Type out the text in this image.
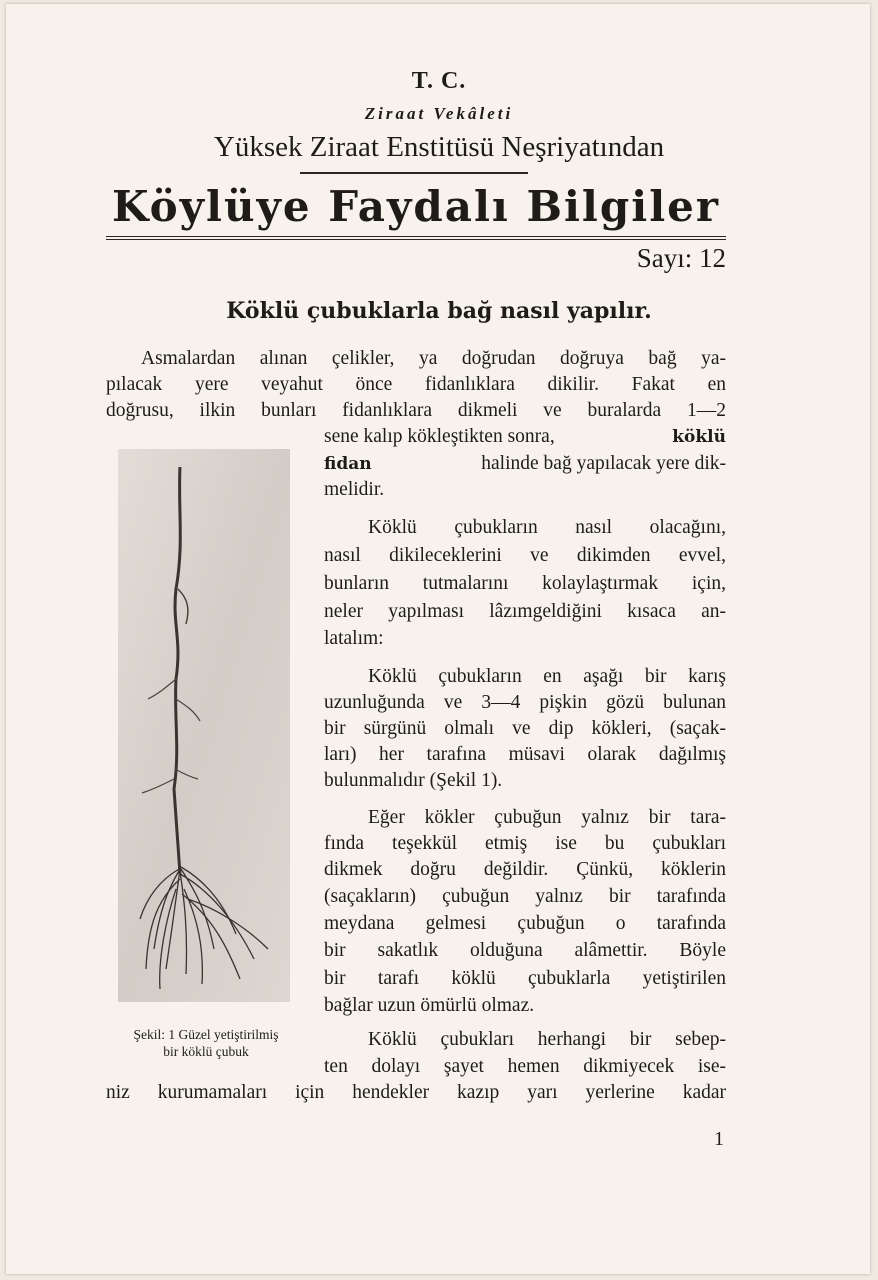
T. C.
Ziraat Vekâleti
Yüksek Ziraat Enstitüsü Neşriyatından
Köylüye Faydalı Bilgiler
Sayı: 12
Köklü çubuklarla bağ nasıl yapılır.
Asmalardan alınan çelikler, ya doğrudan doğruya bağ ya-
pılacak yere veyahut önce fidanlıklara dikilir. Fakat en
doğrusu, ilkin bunları fidanlıklara dikmeli ve buralarda 1—2
sene kalıp kökleştikten sonra,	köklü
fidan	halinde bağ yapılacak yere dik-
melidir.
Köklü çubukların nasıl olacağını,
nasıl dikileceklerini ve dikimden evvel,
bunların tutmalarını kolaylaştırmak için,
neler yapılması lâzımgeldiğini kısaca an-
latalım:
Köklü çubukların en aşağı bir karış
uzunluğunda ve 3—4 pişkin gözü bulunan
bir sürgünü olmalı ve dip kökleri, (saçak-
ları) her tarafına müsavi olarak dağılmış
bulunmalıdır (Şekil 1).
Eğer kökler çubuğun yalnız bir tara-
fında teşekkül etmiş ise bu çubukları
dikmek doğru değildir. Çünkü, köklerin
(saçakların) çubuğun yalnız bir tarafında
meydana gelmesi çubuğun o tarafında
bir sakatlık olduğuna alâmettir. Böyle
bir tarafı köklü çubuklarla yetiştirilen
bağlar uzun ömürlü olmaz.
Köklü çubukları herhangi bir sebep-
ten dolayı şayet hemen dikmiyecek ise-
niz kurumamaları için hendekler kazıp yarı yerlerine kadar
Şekil: 1 Güzel yetiştirilmiş
bir köklü çubuk
1
